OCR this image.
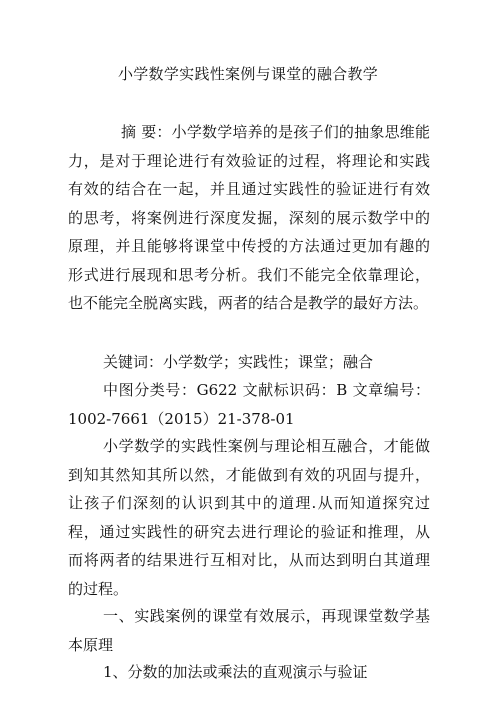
小学数学实践性案例与课堂的融合教学
摘 要：小学数学培养的是孩子们的抽象思维能
力，是对于理论进行有效验证的过程，将理论和实践
有效的结合在一起，并且通过实践性的验证进行有效
的思考，将案例进行深度发掘，深刻的展示数学中的
原理，并且能够将课堂中传授的方法通过更加有趣的
形式进行展现和思考分析。我们不能完全依靠理论，
也不能完全脱离实践，两者的结合是教学的最好方法。
关键词：小学数学；实践性；课堂；融合
中图分类号：G622 文献标识码：B 文章编号：
1002-7661（2015）21-378-01
小学数学的实践性案例与理论相互融合，才能做
到知其然知其所以然，才能做到有效的巩固与提升，
让孩子们深刻的认识到其中的道理.从而知道探究过
程，通过实践性的研究去进行理论的验证和推理，从
而将两者的结果进行互相对比，从而达到明白其道理
的过程。
一、实践案例的课堂有效展示，再现课堂数学基
本原理
1、分数的加法或乘法的直观演示与验证
